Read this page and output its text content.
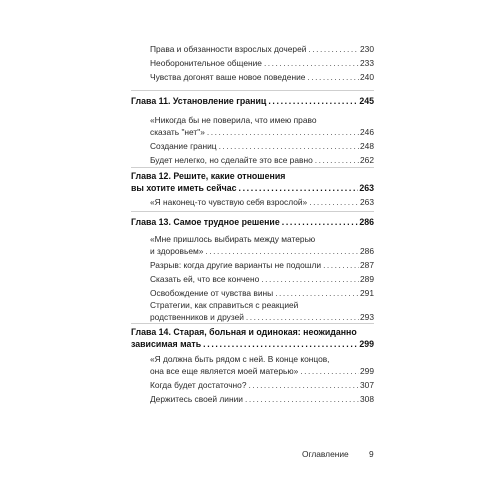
Права и обязанности взрослых дочерей . . .	230
Необоронительное общение . . .	233
Чувства догонят ваше новое поведение . . .	240
Глава 11. Установление границ . . .	245
«Никогда бы не поверила, что имею право
сказать "нет"» . . .	246
Создание границ . . .	248
Будет нелегко, но сделайте это все равно . . .	262
Глава 12. Решите, какие отношения
вы хотите иметь сейчас . . .	263
«Я наконец-то чувствую себя взрослой» . . .	263
Глава 13. Самое трудное решение . . .	286
«Мне пришлось выбирать между матерью
и здоровьем» . . .	286
Разрыв: когда другие варианты не подошли . . .	287
Сказать ей, что все кончено . . .	289
Освобождение от чувства вины . . .	291
Стратегии, как справиться с реакцией
родственников и друзей . . .	293
Глава 14. Старая, больная и одинокая: неожиданно
зависимая мать . . .	299
«Я должна быть рядом с ней. В конце концов,
она все еще является моей матерью» . . .	299
Когда будет достаточно? . . .	307
Держитесь своей линии . . .	308
Оглавление 9
